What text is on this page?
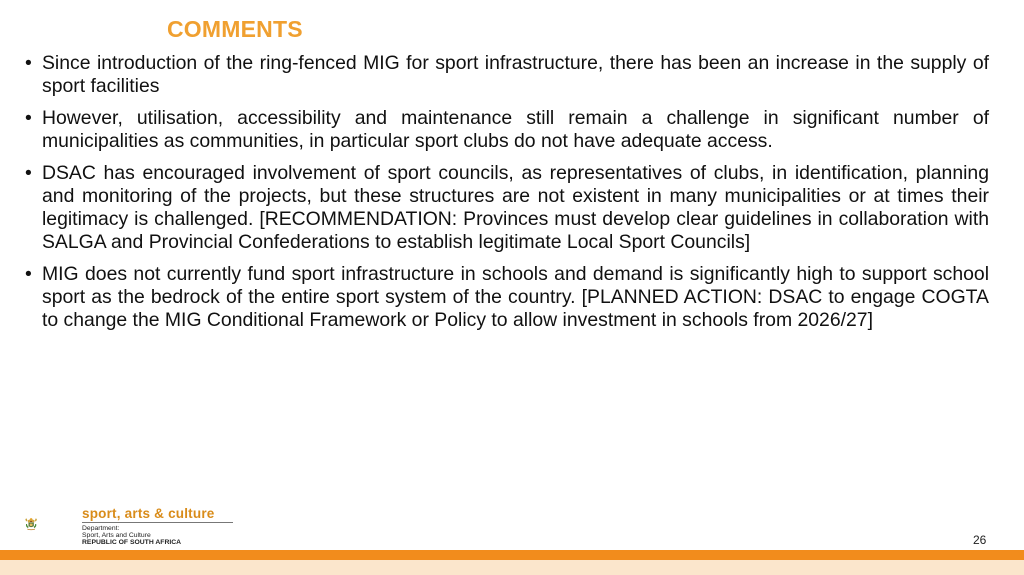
COMMENTS
• Since introduction of the ring-fenced MIG for sport infrastructure, there has been an increase in the supply of sport facilities
• However, utilisation, accessibility and maintenance still remain a challenge in significant number of municipalities as communities, in particular sport clubs do not have adequate access.
• DSAC has encouraged involvement of sport councils, as representatives of clubs, in identification, planning and monitoring of the projects, but these structures are not existent in many municipalities or at times their legitimacy is challenged. [RECOMMENDATION: Provinces must develop clear guidelines in collaboration with SALGA and Provincial Confederations to establish legitimate Local Sport Councils]
• MIG does not currently fund sport infrastructure in schools and demand is significantly high to support school sport as the bedrock of the entire sport system of the country. [PLANNED ACTION: DSAC to engage COGTA to change the MIG Conditional Framework or Policy to allow investment in schools from 2026/27]
sport, arts & culture
Department:
Sport, Arts and Culture
REPUBLIC OF SOUTH AFRICA	26
